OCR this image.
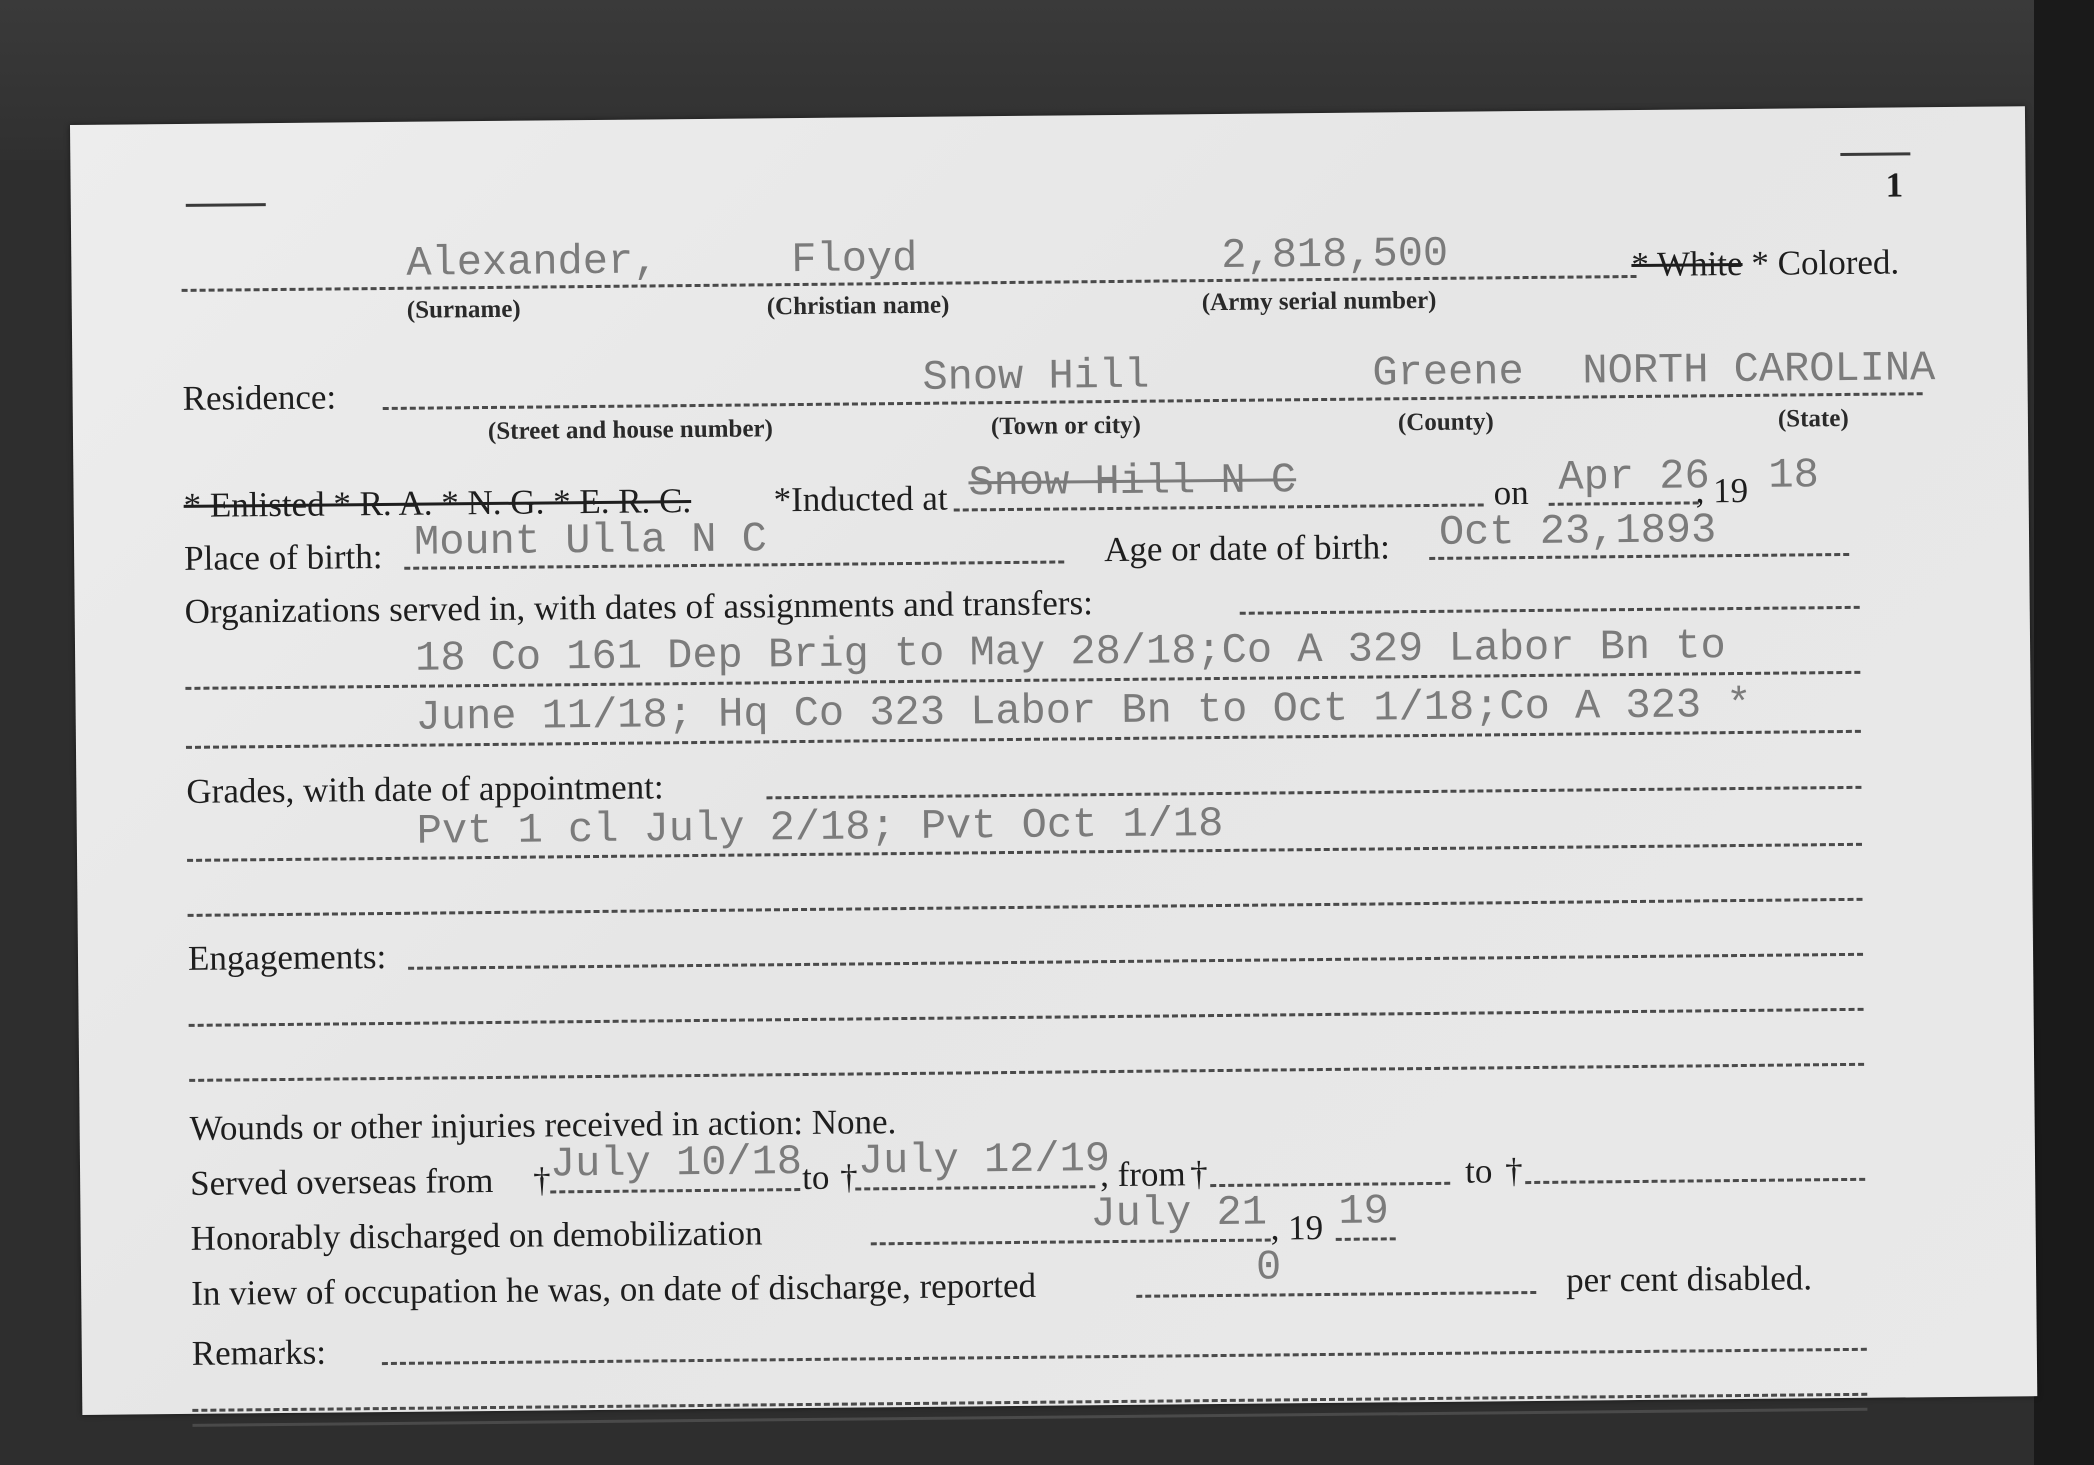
1
Alexander,	Floyd	2,818,500	* White * Colored.
(Surname)	(Christian name)	(Army serial number)
Residence:	Snow Hill	Greene NORTH CAROLINA
(Street and house number)	(Town or city)	(County)	(State)
* Enlisted * R. A. * N. G. * E. R. C. *Inducted at Snow Hill N C	on Apr 26
, 19 18
Place of birth: Mount Ulla N C	Age or date of birth: Oct 23,1893
Organizations served in, with dates of assignments and transfers:
18 Co 161 Dep Brig to May 28/18;Co A 329 Labor Bn to
June 11/18; Hq Co 323 Labor Bn to Oct 1/18;Co A 323 *
Grades, with date of appointment:
Pvt 1 cl July 2/18; Pvt Oct 1/18
Engagements:
Wounds or other injuries received in action: None.
Served overseas from †
July 10/18 to † July 12/19
, from †	to †
Honorably discharged on demobilization	July 21 , 19 19
In view of occupation he was, on date of discharge, reported	0	per cent disabled.
Remarks:
